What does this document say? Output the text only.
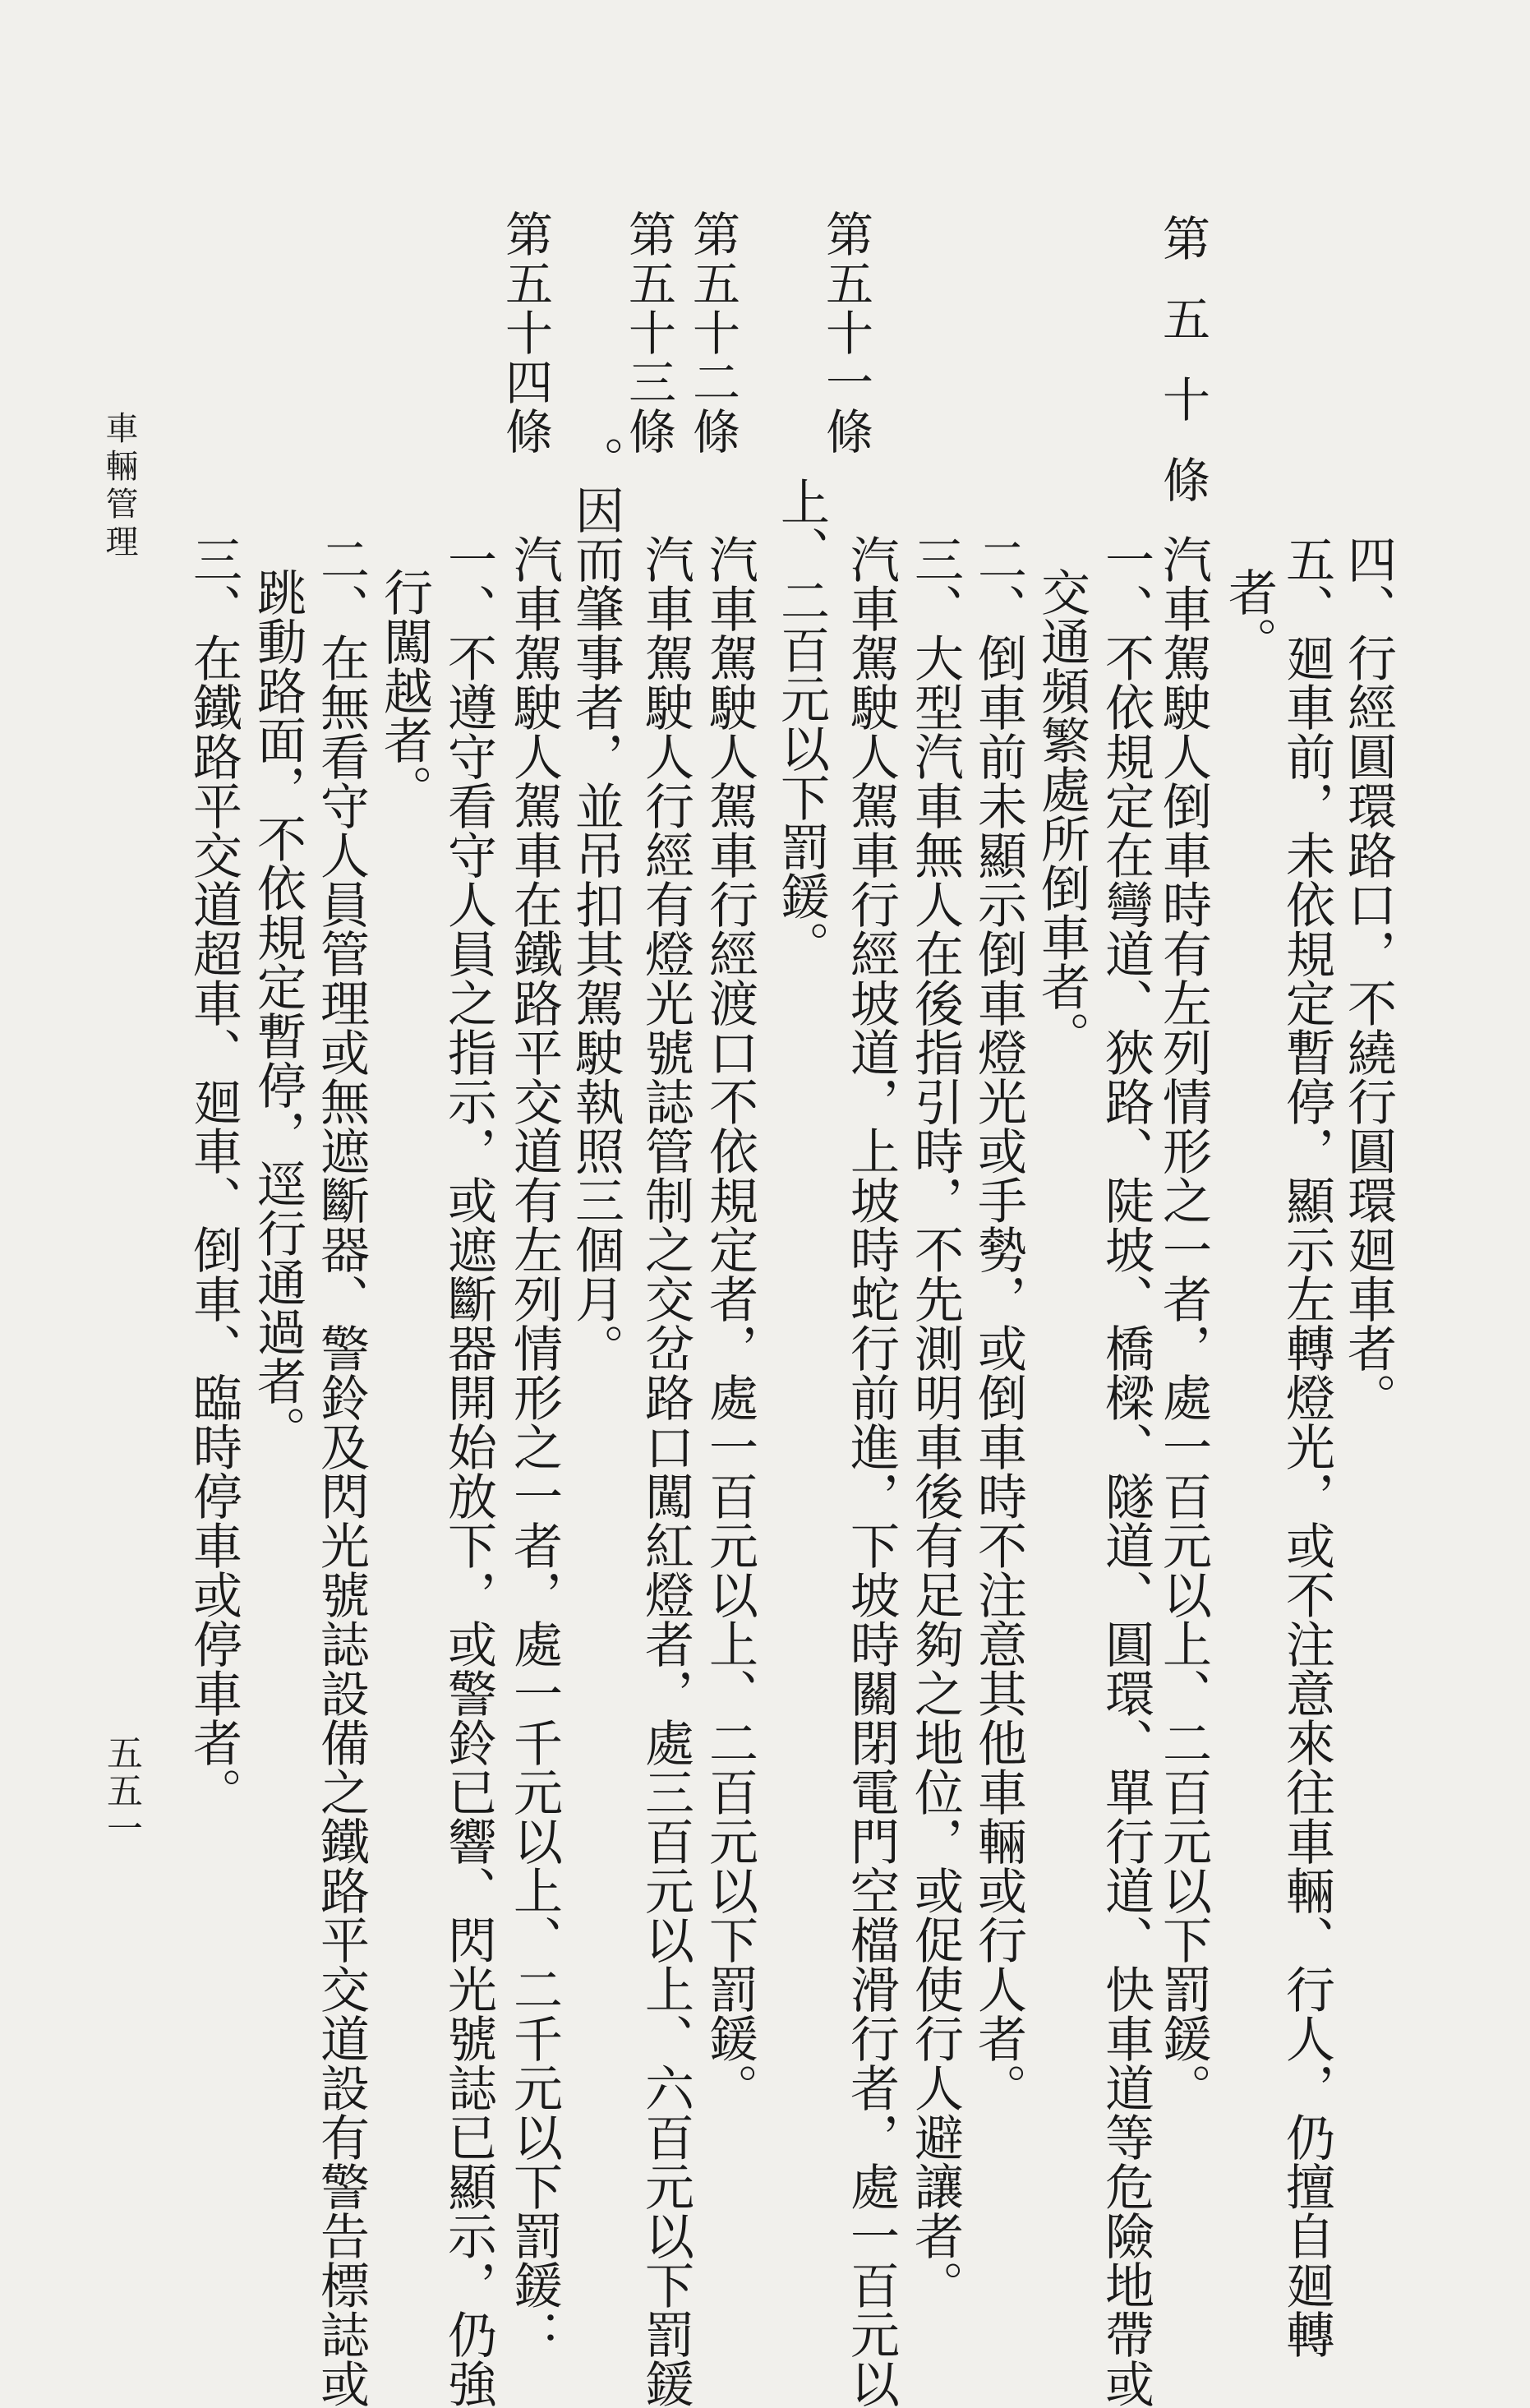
四、行經圓環路口，不繞行圓環廻車者。
五、廻車前，未依規定暫停，顯示左轉燈光，或不注意來往車輛、行人，仍擅自廻轉
者。
第五十條
汽車駕駛人倒車時有左列情形之一者，處一百元以上、二百元以下罰鍰。
一、不依規定在彎道、狹路、陡坡、橋樑、隧道、圓環、單行道、快車道等危險地帶或
交通頻繁處所倒車者。
二、倒車前未顯示倒車燈光或手勢，或倒車時不注意其他車輛或行人者。
三、大型汽車無人在後指引時，不先測明車後有足夠之地位，或促使行人避讓者。
第五十一條
汽車駕駛人駕車行經坡道，上坡時蛇行前進，下坡時關閉電門空檔滑行者，處一百元以
上、二百元以下罰鍰。
第五十二條
汽車駕駛人駕車行經渡口不依規定者，處一百元以上、二百元以下罰鍰。
第五十三條
汽車駕駛人行經有燈光號誌管制之交岔路口闖紅燈者，處三百元以上、六百元以下罰鍰
。因而肇事者，並吊扣其駕駛執照三個月。
第五十四條
汽車駕駛人駕車在鐵路平交道有左列情形之一者，處一千元以上、二千元以下罰鍰：
一、不遵守看守人員之指示，或遮斷器開始放下，或警鈴已響、閃光號誌已顯示，仍強
行闖越者。
二、在無看守人員管理或無遮斷器、警鈴及閃光號誌設備之鐵路平交道設有警告標誌或
跳動路面，不依規定暫停，逕行通過者。
三、在鐵路平交道超車、廻車、倒車、臨時停車或停車者。
車輛管理
五五一
